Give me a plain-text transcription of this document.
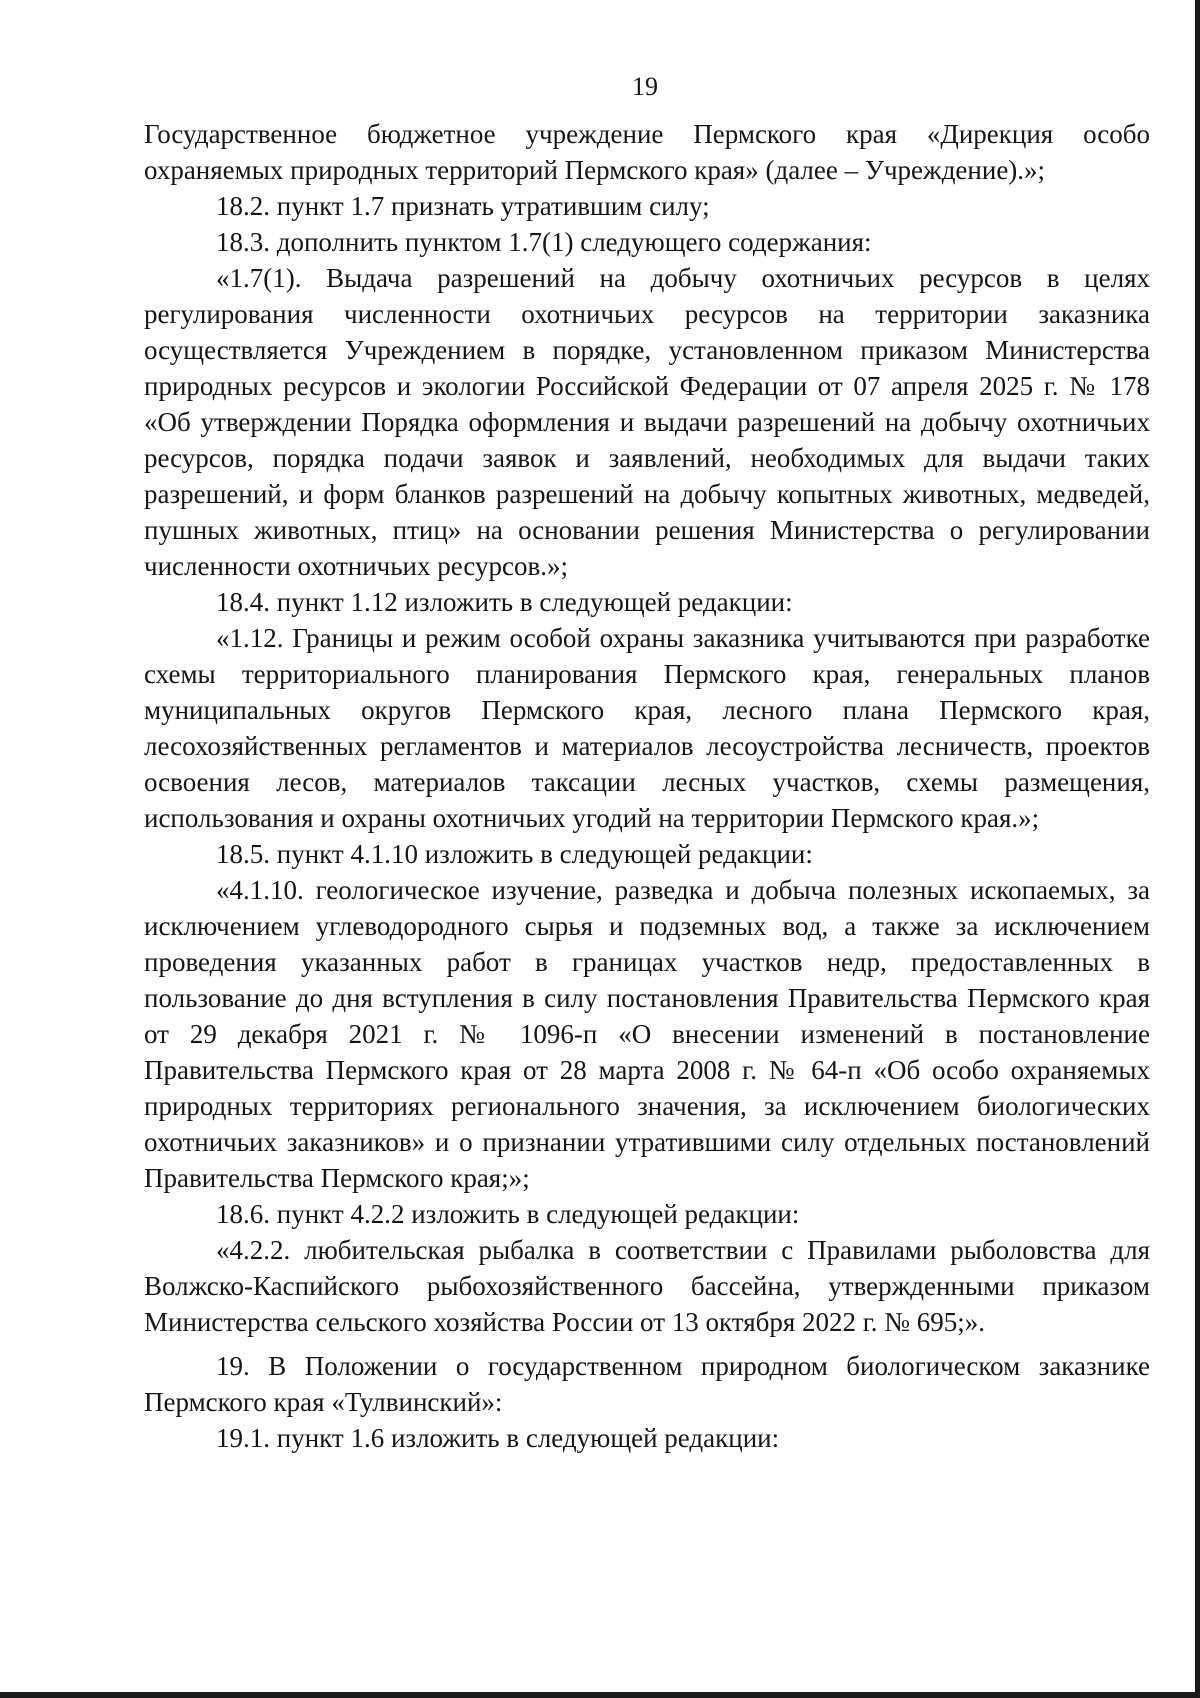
19

Государственное бюджетное учреждение Пермского края «Дирекция особо охраняемых природных территорий Пермского края» (далее – Учреждение).»;

18.2. пункт 1.7 признать утратившим силу;

18.3. дополнить пунктом 1.7(1) следующего содержания:

«1.7(1). Выдача разрешений на добычу охотничьих ресурсов в целях регулирования численности охотничьих ресурсов на территории заказника осуществляется Учреждением в порядке, установленном приказом Министерства природных ресурсов и экологии Российской Федерации от 07 апреля 2025 г. № 178 «Об утверждении Порядка оформления и выдачи разрешений на добычу охотничьих ресурсов, порядка подачи заявок и заявлений, необходимых для выдачи таких разрешений, и форм бланков разрешений на добычу копытных животных, медведей, пушных животных, птиц» на основании решения Министерства о регулировании численности охотничьих ресурсов.»;

18.4. пункт 1.12 изложить в следующей редакции:

«1.12. Границы и режим особой охраны заказника учитываются при разработке схемы территориального планирования Пермского края, генеральных планов муниципальных округов Пермского края, лесного плана Пермского края, лесохозяйственных регламентов и материалов лесоустройства лесничеств, проектов освоения лесов, материалов таксации лесных участков, схемы размещения, использования и охраны охотничьих угодий на территории Пермского края.»;

18.5. пункт 4.1.10 изложить в следующей редакции:

«4.1.10. геологическое изучение, разведка и добыча полезных ископаемых, за исключением углеводородного сырья и подземных вод, а также за исключением проведения указанных работ в границах участков недр, предоставленных в пользование до дня вступления в силу постановления Правительства Пермского края от 29 декабря 2021 г. № 1096-п «О внесении изменений в постановление Правительства Пермского края от 28 марта 2008 г. № 64-п «Об особо охраняемых природных территориях регионального значения, за исключением биологических охотничьих заказников» и о признании утратившими силу отдельных постановлений Правительства Пермского края;»;

18.6. пункт 4.2.2 изложить в следующей редакции:

«4.2.2. любительская рыбалка в соответствии с Правилами рыболовства для Волжско-Каспийского рыбохозяйственного бассейна, утвержденными приказом Министерства сельского хозяйства России от 13 октября 2022 г. № 695;».

19. В Положении о государственном природном биологическом заказнике Пермского края «Тулвинский»:

19.1. пункт 1.6 изложить в следующей редакции:
